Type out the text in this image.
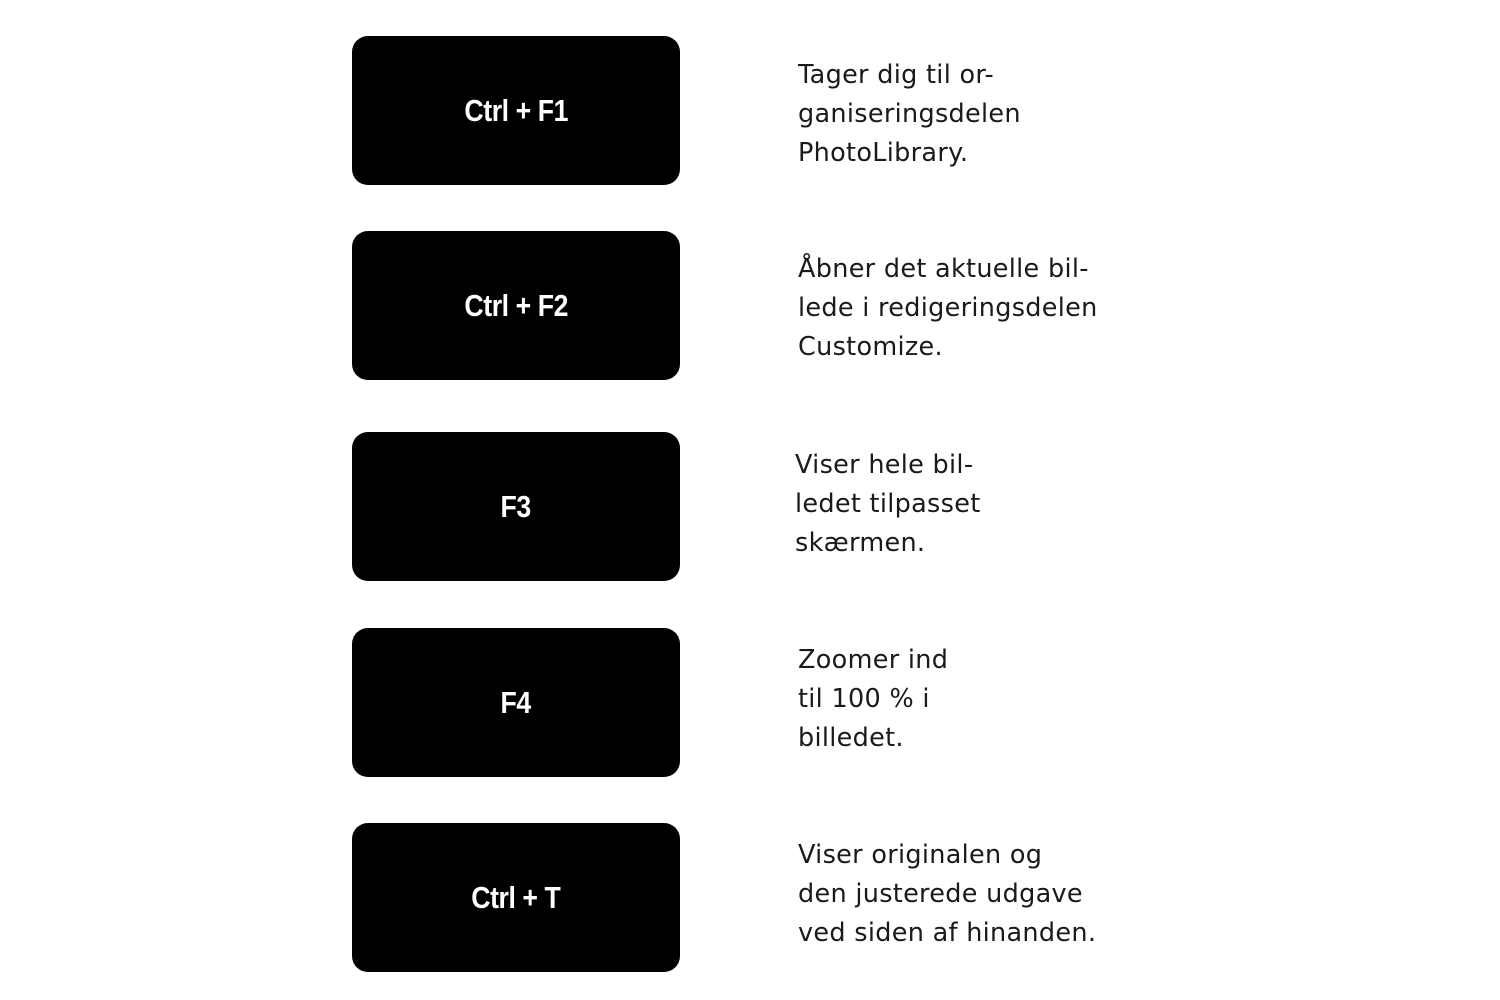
Ctrl + F1

Tager dig til or-
ganiseringsdelen
PhotoLibrary.

Ctrl + F2

Åbner det aktuelle bil-
lede i redigeringsdelen
Customize.

F3

Viser hele bil-
ledet tilpasset
skærmen.

F4

Zoomer ind
til 100 % i
billedet.

Ctrl + T

Viser originalen og
den justerede udgave
ved siden af hinanden.
